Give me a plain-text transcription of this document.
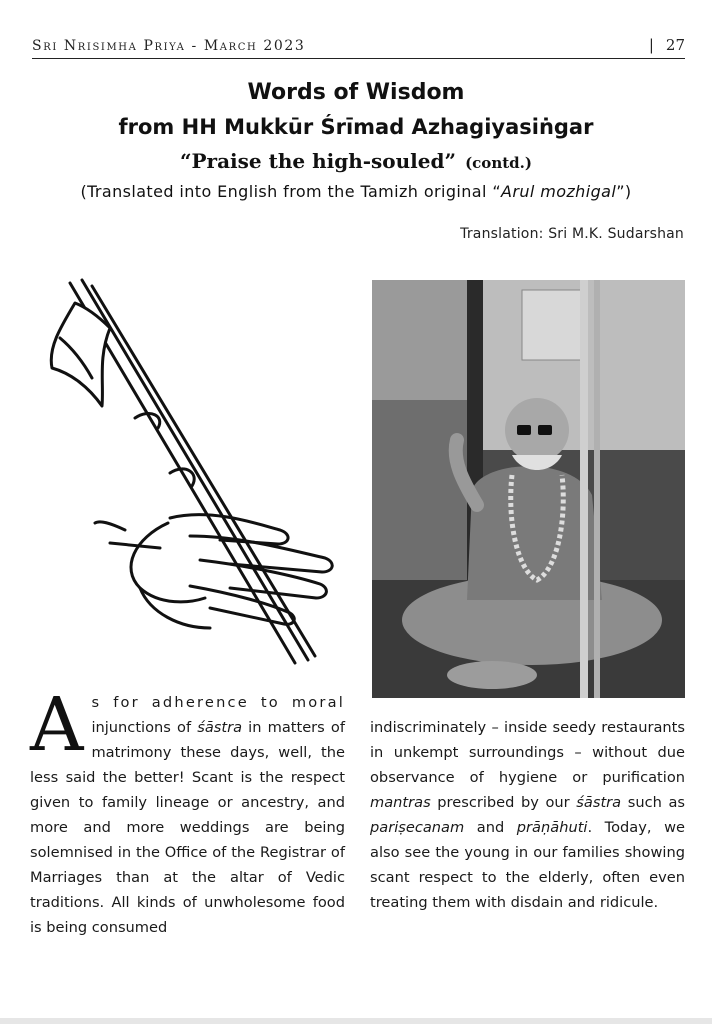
Sri Nrisimha Priya - March 2023	| 27
Words of Wisdom
from HH Mukkūr Śrīmad Azhagiyasiṅgar
“Praise the high-souled” (contd.)
(Translated into English from the Tamizh original “Arul mozhigal”)
Translation: Sri M.K. Sudarshan
A s for adherence to moral injunctions of śāstra in matters of matrimony these days, well, the less said the better! Scant is the respect given to family lineage or ancestry, and more and more weddings are being solemnised in the Office of the Registrar of Marriages than at the altar of Vedic traditions. All kinds of unwholesome food is being consumed

indiscriminately – inside seedy restaurants in unkempt surroundings – without due observance of hygiene or purification mantras prescribed by our śāstra such as pariṣecanam and prāṇāhuti. Today, we also see the young in our families showing scant respect to the elderly, often even treating them with disdain and ridicule.
